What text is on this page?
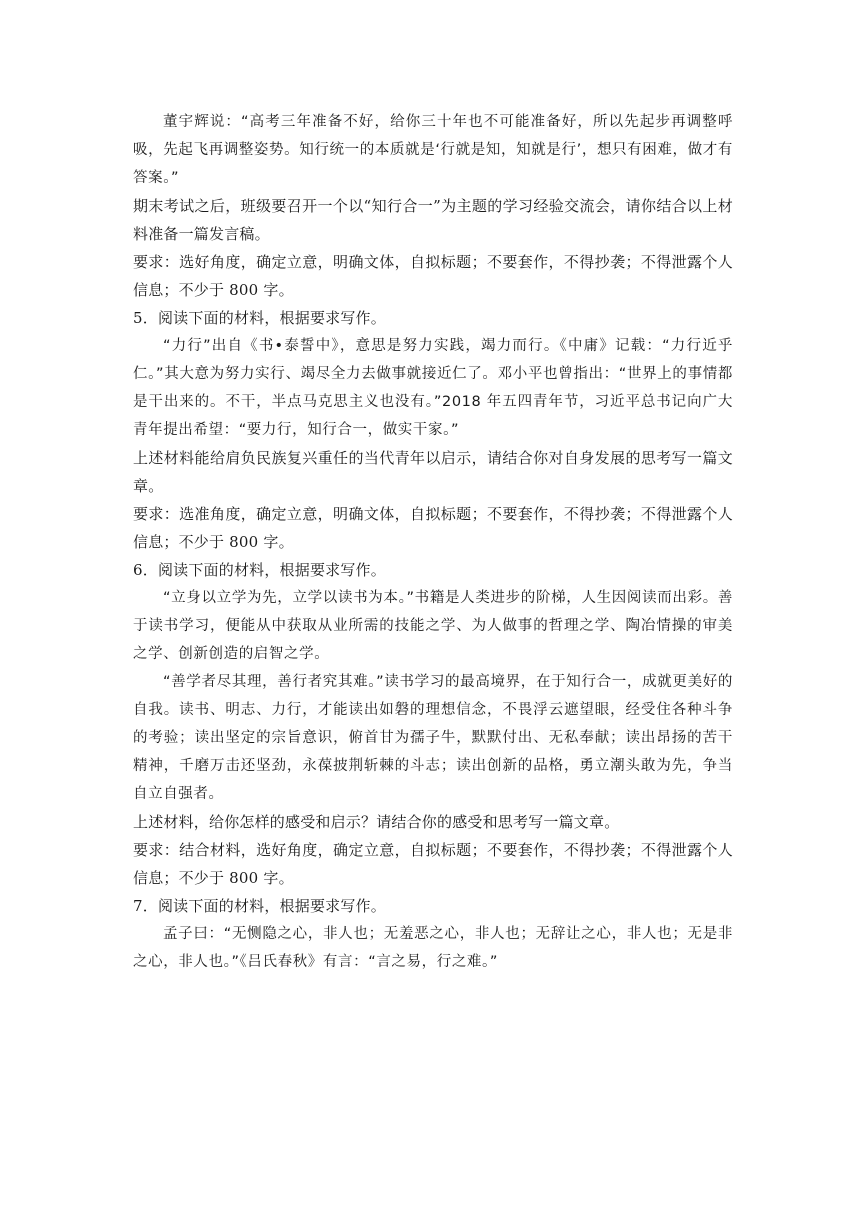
董宇辉说：“高考三年准备不好，给你三十年也不可能准备好，所以先起步再调整呼吸，先起飞再调整姿势。知行统一的本质就是‘行就是知，知就是行’，想只有困难，做才有答案。”

期末考试之后，班级要召开一个以“知行合一”为主题的学习经验交流会，请你结合以上材料准备一篇发言稿。

要求：选好角度，确定立意，明确文体，自拟标题；不要套作，不得抄袭；不得泄露个人信息；不少于 800 字。

5．阅读下面的材料，根据要求写作。

“力行”出自《书•泰誓中》，意思是努力实践，竭力而行。《中庸》记载：“力行近乎仁。”其大意为努力实行、竭尽全力去做事就接近仁了。邓小平也曾指出：“世界上的事情都是干出来的。不干，半点马克思主义也没有。”2018 年五四青年节，习近平总书记向广大青年提出希望：“要力行，知行合一，做实干家。”

上述材料能给肩负民族复兴重任的当代青年以启示，请结合你对自身发展的思考写一篇文章。

要求：选准角度，确定立意，明确文体，自拟标题；不要套作，不得抄袭；不得泄露个人信息；不少于 800 字。

6．阅读下面的材料，根据要求写作。

“立身以立学为先，立学以读书为本。”书籍是人类进步的阶梯，人生因阅读而出彩。善于读书学习，便能从中获取从业所需的技能之学、为人做事的哲理之学、陶冶情操的审美之学、创新创造的启智之学。

“善学者尽其理，善行者究其难。”读书学习的最高境界，在于知行合一，成就更美好的自我。读书、明志、力行，才能读出如磐的理想信念，不畏浮云遮望眼，经受住各种斗争的考验；读出坚定的宗旨意识，俯首甘为孺子牛，默默付出、无私奉献；读出昂扬的苦干精神，千磨万击还坚劲，永葆披荆斩棘的斗志；读出创新的品格，勇立潮头敢为先，争当自立自强者。

上述材料，给你怎样的感受和启示？请结合你的感受和思考写一篇文章。

要求：结合材料，选好角度，确定立意，自拟标题；不要套作，不得抄袭；不得泄露个人信息；不少于 800 字。

7．阅读下面的材料，根据要求写作。

孟子曰：“无恻隐之心，非人也；无羞恶之心，非人也；无辞让之心，非人也；无是非之心，非人也。”《吕氏春秋》有言：“言之易，行之难。”
